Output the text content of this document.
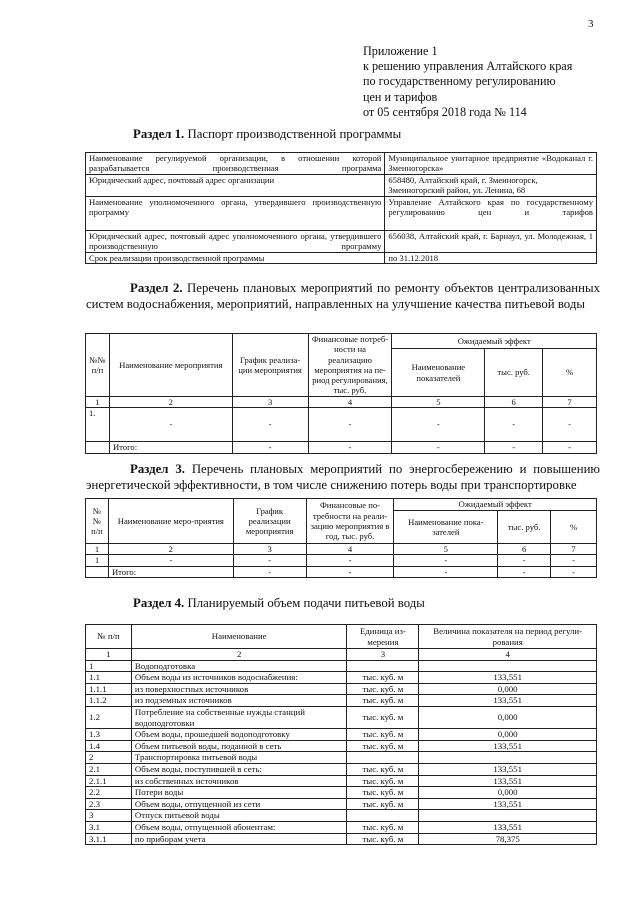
3
Приложение 1
к решению управления Алтайского края
по государственному регулированию
цен и тарифов
от 05 сентября 2018 года № 114
Раздел 1. Паспорт производственной программы
Наименование регулируемой организации, в отношении которой разрабатывается производственная программа	Муниципальное унитарное предприятие «Водоканал г. Змеиногорска»
Юридический адрес, почтовый адрес организации	658480, Алтайский край, г. Змеиногорск, Змеиногорский район, ул. Ленина, 68
Наименование уполномоченного органа, утвердившего производственную программу	Управление Алтайского края по государственному регулированию цен и тарифов
Юридический адрес, почтовый адрес уполномоченного органа, утвердившего производственную программу	656038, Алтайский край, г. Барнаул, ул. Молодежная, 1
Срок реализации производственной программы	по 31.12.2018
Раздел 2. Перечень плановых мероприятий по ремонту объектов централизованных систем водоснабжения, мероприятий, направленных на улучшение качества питьевой воды
№№ п/п	Наименование мероприятия	График реализа-ции мероприятия	Финансовые потреб-ности на реализацию мероприятия на пе-риод регулирования, тыс. руб.	Ожидаемый эффект		
				Наименование показателей	тыс. руб.	%
1	2	3	4	5	6	7
1.	-	-	-	-	-	-
	Итого:	-	-	-	-	-
Раздел 3. Перечень плановых мероприятий по энергосбережению и повышению энергетической эффективности, в том числе снижению потерь воды при транспортировке
№№ п/п	Наименование меро-приятия	График реализации мероприятия	Финансовые по-требности на реали-зацию мероприятия в год, тыс. руб.	Ожидаемый эффект		
				Наименование пока-зателей	тыс. руб.	%
1	2	3	4	5	6	7
1	-	-	-	-	-	-
	Итого:	-	-	-	-	-
Раздел 4. Планируемый объем подачи питьевой воды
№ п/п	Наименование	Единица из-мерения	Величина показателя на период регули-рования
1	2	3	4
1	Водоподготовка		
1.1	Объем воды из источников водоснабжения:	тыс. куб. м	133,551
1.1.1	из поверхностных источников	тыс. куб. м	0,000
1.1.2	из подземных источников	тыс. куб. м	133,551
1.2	Потребление на собственные нужды станций водоподготовки	тыс. куб. м	0,000
1.3	Объем воды, прошедшей водоподготовку	тыс. куб. м	0,000
1.4	Объем питьевой воды, поданной в сеть	тыс. куб. м	133,551
2	Транспортировка питьевой воды		
2.1	Объем воды, поступившей в сеть:	тыс. куб. м	133,551
2.1.1	из собственных источников	тыс. куб. м	133,551
2.2	Потери воды	тыс. куб. м	0,000
2.3	Объем воды, отпущенной из сети	тыс. куб. м	133,551
3	Отпуск питьевой воды		
3.1	Объем воды, отпущенной абонентам:	тыс. куб. м	133,551
3.1.1	по приборам учета	тыс. куб. м	78,375
